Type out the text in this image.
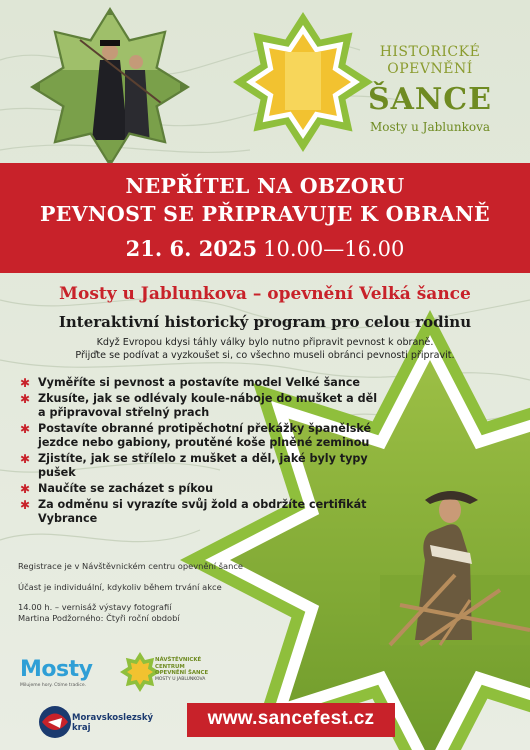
HISTORICKÉ
OPEVNĚNÍ
ŠANCE
Mosty u Jablunkova
NEPŘÍTEL NA OBZORU
PEVNOST SE PŘIPRAVUJE K OBRANĚ
21. 6. 2025 10.00—16.00
Mosty u Jablunkova – opevnění Velká šance
Interaktivní historický program pro celou rodinu
Když Evropou kdysi táhly války bylo nutno připravit pevnost k obraně.
Přijďte se podívat a vyzkoušet si, co všechno museli obránci pevnosti připravit.
✱ Vyměříte si pevnost a postavíte model Velké šance
✱ Zkusíte, jak se odlévaly koule-náboje do mušket a děl a připravoval střelný prach
✱ Postavíte obranné protipěchotní překážky španělské jezdce nebo gabiony, proutěné koše plněné zeminou
✱ Zjistíte, jak se střílelo z mušket a děl, jaké byly typy pušek
✱ Naučíte se zacházet s píkou
✱ Za odměnu si vyrazíte svůj žold a obdržíte certifikát Vybrance
Registrace je v Návštěvnickém centru opevnění šance
Účast je individuální, kdykoliv během trvání akce
14.00 h. – vernisáž výstavy fotografií
Martina Podžorného: Čtyři roční období
Mosty
Milujeme hory. Ctíme tradice.
NÁVŠTĚVNICKÉ
CENTRUM
OPEVNĚNÍ ŠANCE
MOSTY U JABLUNKOVA
Moravskoslezský
kraj	www.sancefest.cz
